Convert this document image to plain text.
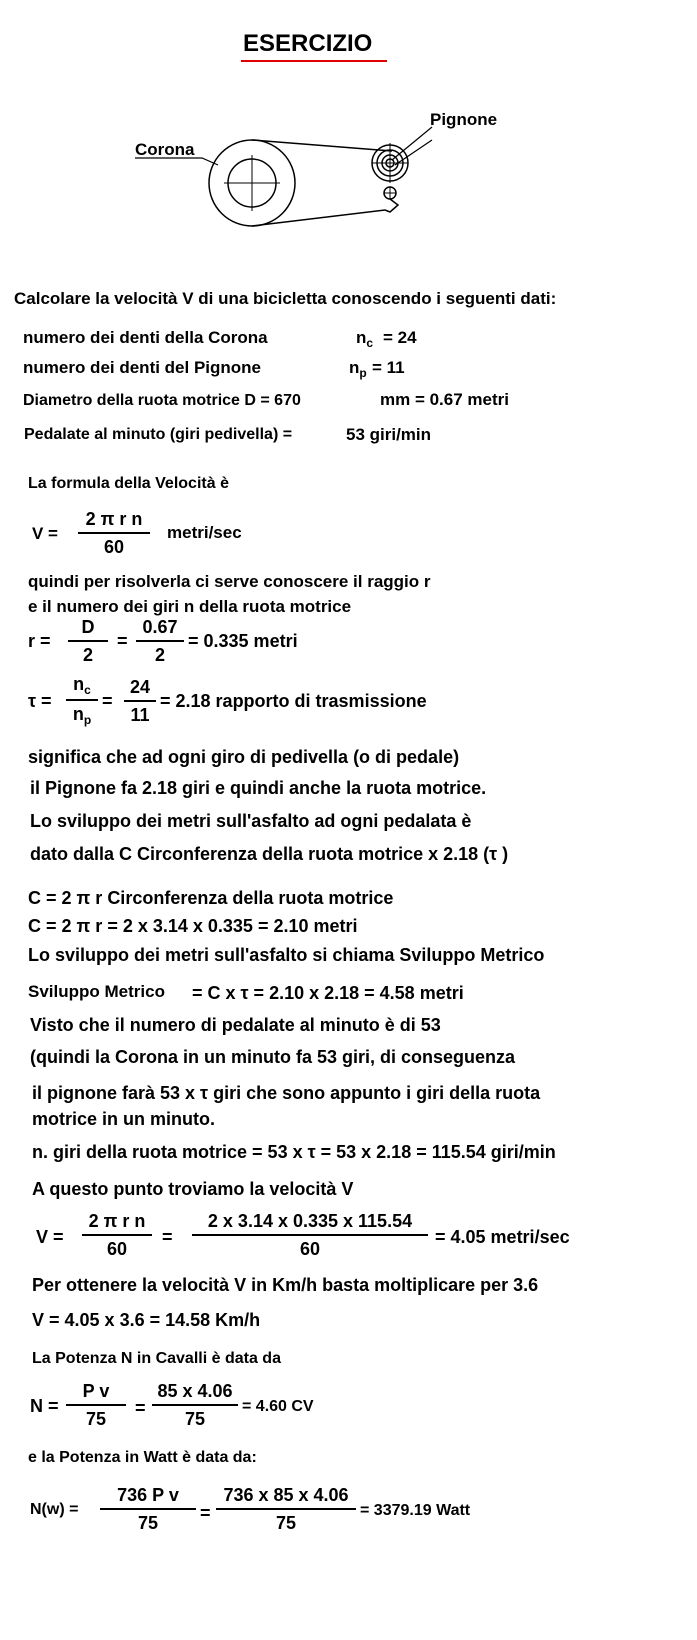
ESERCIZIO
Corona
Pignone
Calcolare la velocità V di una bicicletta conoscendo i seguenti dati:
numero dei denti della Corona	$n_c = 24$
numero dei denti del Pignone	$n_p = 11$
Diametro della ruota motrice D = 670	mm = 0.67 metri
Pedalate al minuto (giri pedivella) =	53 giri/min
La formula della Velocità è
V =
2 π r n
60
metri/sec
quindi per risolverla ci serve conoscere il raggio r
e il numero dei giri n della ruota motrice
r =
D
2
=
0.67
2
= 0.335 metri
τ =
$n_c$
$n_p$
=
24
11
= 2.18 rapporto di trasmissione
significa che ad ogni giro di pedivella (o di pedale)
il Pignone fa 2.18 giri e quindi anche la ruota motrice.
Lo sviluppo dei metri sull'asfalto ad ogni pedalata è
dato dalla C Circonferenza della ruota motrice x 2.18 (τ )
C = 2 π r Circonferenza della ruota motrice
C = 2 π r = 2 x 3.14 x 0.335 = 2.10 metri
Lo sviluppo dei metri sull'asfalto si chiama Sviluppo Metrico
Sviluppo Metrico = C x τ = 2.10 x 2.18 = 4.58 metri
Visto che il numero di pedalate al minuto è di 53
(quindi la Corona in un minuto fa 53 giri, di conseguenza
il pignone farà 53 x τ giri che sono appunto i giri della ruota
motrice in un minuto.
n. giri della ruota motrice = 53 x τ = 53 x 2.18 = 115.54 giri/min
A questo punto troviamo la velocità V
V =
2 π r n
60
=
2 x 3.14 x 0.335 x 115.54
60
= 4.05 metri/sec
Per ottenere la velocità V in Km/h basta moltiplicare per 3.6
V = 4.05 x 3.6 = 14.58 Km/h
La Potenza N in Cavalli è data da
N =
P v
75
=
85 x 4.06
75
= 4.60 CV
e la Potenza in Watt è data da:
N(w) =
736 P v
75	=
736 x 85 x 4.06
75
= 3379.19 Watt
